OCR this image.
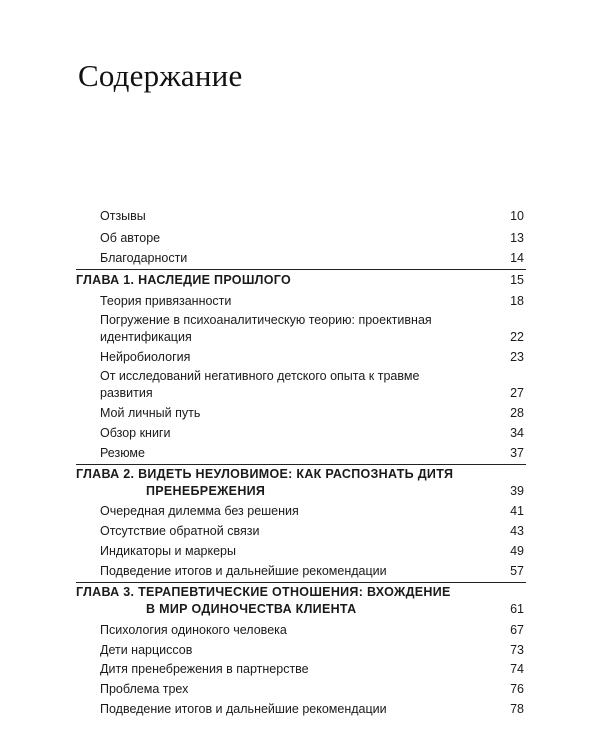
Содержание
Отзывы	10
Об авторе	13
Благодарности	14
ГЛАВА 1. НАСЛЕДИЕ ПРОШЛОГО	15
Теория привязанности	18
Погружение в психоаналитическую теорию: проективная
идентификация	22
Нейробиология	23
От исследований негативного детского опыта к травме
развития	27
Мой личный путь	28
Обзор книги	34
Резюме	37
ГЛАВА 2. ВИДЕТЬ НЕУЛОВИМОЕ: КАК РАСПОЗНАТЬ ДИТЯ
ПРЕНЕБРЕЖЕНИЯ	39
Очередная дилемма без решения	41
Отсутствие обратной связи	43
Индикаторы и маркеры	49
Подведение итогов и дальнейшие рекомендации	57
ГЛАВА 3. ТЕРАПЕВТИЧЕСКИЕ ОТНОШЕНИЯ: ВХОЖДЕНИЕ
В МИР ОДИНОЧЕСТВА КЛИЕНТА	61
Психология одинокого человека	67
Дети нарциссов	73
Дитя пренебрежения в партнерстве	74
Проблема трех	76
Подведение итогов и дальнейшие рекомендации	78
